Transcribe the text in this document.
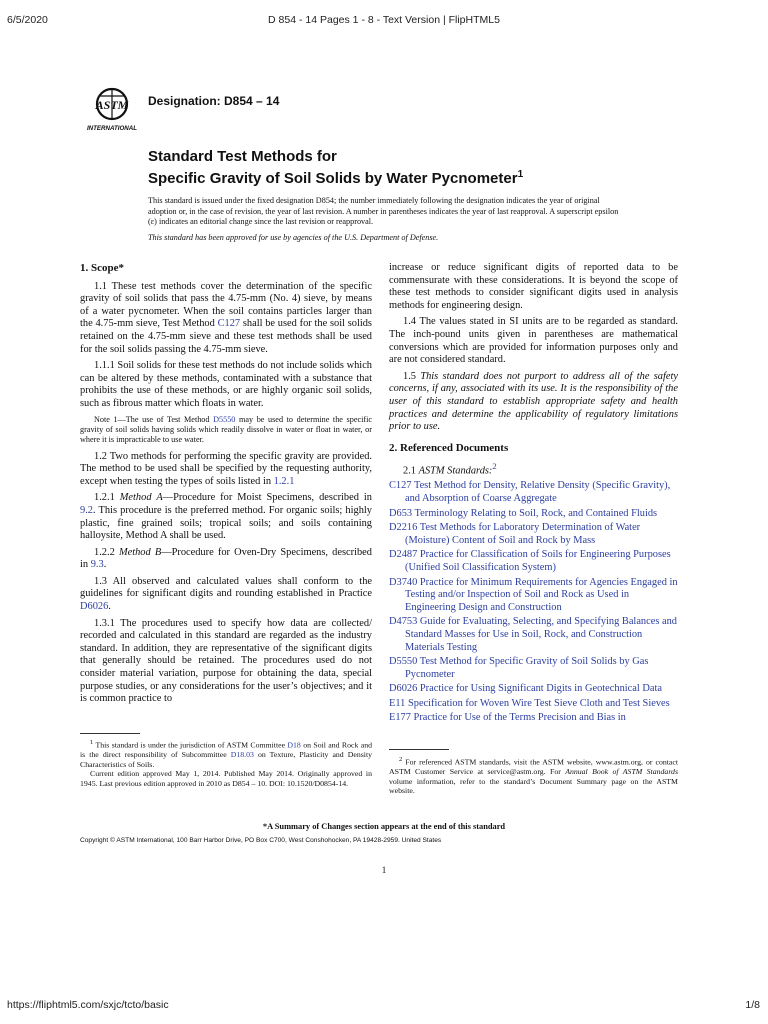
6/5/2020	D 854 - 14 Pages 1 - 8 - Text Version | FlipHTML5
ASTM
INTERNATIONAL
Designation: D854 – 14
Standard Test Methods for
Specific Gravity of Soil Solids by Water Pycnometer$^1$

This standard is issued under the fixed designation D854; the number immediately following the designation indicates the year of original adoption or, in the case of revision, the year of last revision. A number in parentheses indicates the year of last reapproval. A superscript epsilon (ε) indicates an editorial change since the last revision or reapproval.

This standard has been approved for use by agencies of the U.S. Department of Defense.

1. Scope*

1.1 These test methods cover the determination of the specific gravity of soil solids that pass the 4.75-mm (No. 4) sieve, by means of a water pycnometer. When the soil contains particles larger than the 4.75-mm sieve, Test Method C127 shall be used for the soil solids retained on the 4.75-mm sieve and these test methods shall be used for the soil solids passing the 4.75-mm sieve.

1.1.1 Soil solids for these test methods do not include solids which can be altered by these methods, contaminated with a substance that prohibits the use of these methods, or are highly organic soil solids, such as fibrous matter which floats in water.

Note 1—The use of Test Method D5550 may be used to determine the specific gravity of soil solids having solids which readily dissolve in water or float in water, or where it is impracticable to use water.

1.2 Two methods for performing the specific gravity are provided. The method to be used shall be specified by the requesting authority, except when testing the types of soils listed in 1.2.1

1.2.1 Method A—Procedure for Moist Specimens, described in 9.2. This procedure is the preferred method. For organic soils; highly plastic, fine grained soils; tropical soils; and soils containing halloysite, Method A shall be used.

1.2.2 Method B—Procedure for Oven-Dry Specimens, described in 9.3.

1.3 All observed and calculated values shall conform to the guidelines for significant digits and rounding established in Practice D6026.

1.3.1 The procedures used to specify how data are collected/ recorded and calculated in this standard are regarded as the industry standard. In addition, they are representative of the significant digits that generally should be retained. The procedures used do not consider material variation, purpose for obtaining the data, special purpose studies, or any considerations for the user’s objectives; and it is common practice to

increase or reduce significant digits of reported data to be commensurate with these considerations. It is beyond the scope of these test methods to consider significant digits used in analysis methods for engineering design.

1.4 The values stated in SI units are to be regarded as standard. The inch-pound units given in parentheses are mathematical conversions which are provided for information purposes only and are not considered standard.

1.5 This standard does not purport to address all of the safety concerns, if any, associated with its use. It is the responsibility of the user of this standard to establish appropriate safety and health practices and determine the applicability of regulatory limitations prior to use.

2. Referenced Documents

2.1 ASTM Standards:$^2$

C127 Test Method for Density, Relative Density (Specific Gravity), and Absorption of Coarse Aggregate
D653 Terminology Relating to Soil, Rock, and Contained Fluids
D2216 Test Methods for Laboratory Determination of Water (Moisture) Content of Soil and Rock by Mass
D2487 Practice for Classification of Soils for Engineering Purposes (Unified Soil Classification System)
D3740 Practice for Minimum Requirements for Agencies Engaged in Testing and/or Inspection of Soil and Rock as Used in Engineering Design and Construction
D4753 Guide for Evaluating, Selecting, and Specifying Balances and Standard Masses for Use in Soil, Rock, and Construction Materials Testing
D5550 Test Method for Specific Gravity of Soil Solids by Gas Pycnometer
D6026 Practice for Using Significant Digits in Geotechnical Data
E11 Specification for Woven Wire Test Sieve Cloth and Test Sieves
E177 Practice for Use of the Terms Precision and Bias in
$^1$ This standard is under the jurisdiction of ASTM Committee D18 on Soil and Rock and is the direct responsibility of Subcommittee D18.03 on Texture, Plasticity and Density Characteristics of Soils.
Current edition approved May 1, 2014. Published May 2014. Originally approved in 1945. Last previous edition approved in 2010 as D854 – 10. DOI: 10.1520/D0854-14.
$^2$ For referenced ASTM standards, visit the ASTM website, www.astm.org, or contact ASTM Customer Service at service@astm.org. For Annual Book of ASTM Standards volume information, refer to the standard’s Document Summary page on the ASTM website.
*A Summary of Changes section appears at the end of this standard
Copyright © ASTM International, 100 Barr Harbor Drive, PO Box C700, West Conshohocken, PA 19428-2959. United States
1
https://fliphtml5.com/sxjc/tcto/basic	1/8
